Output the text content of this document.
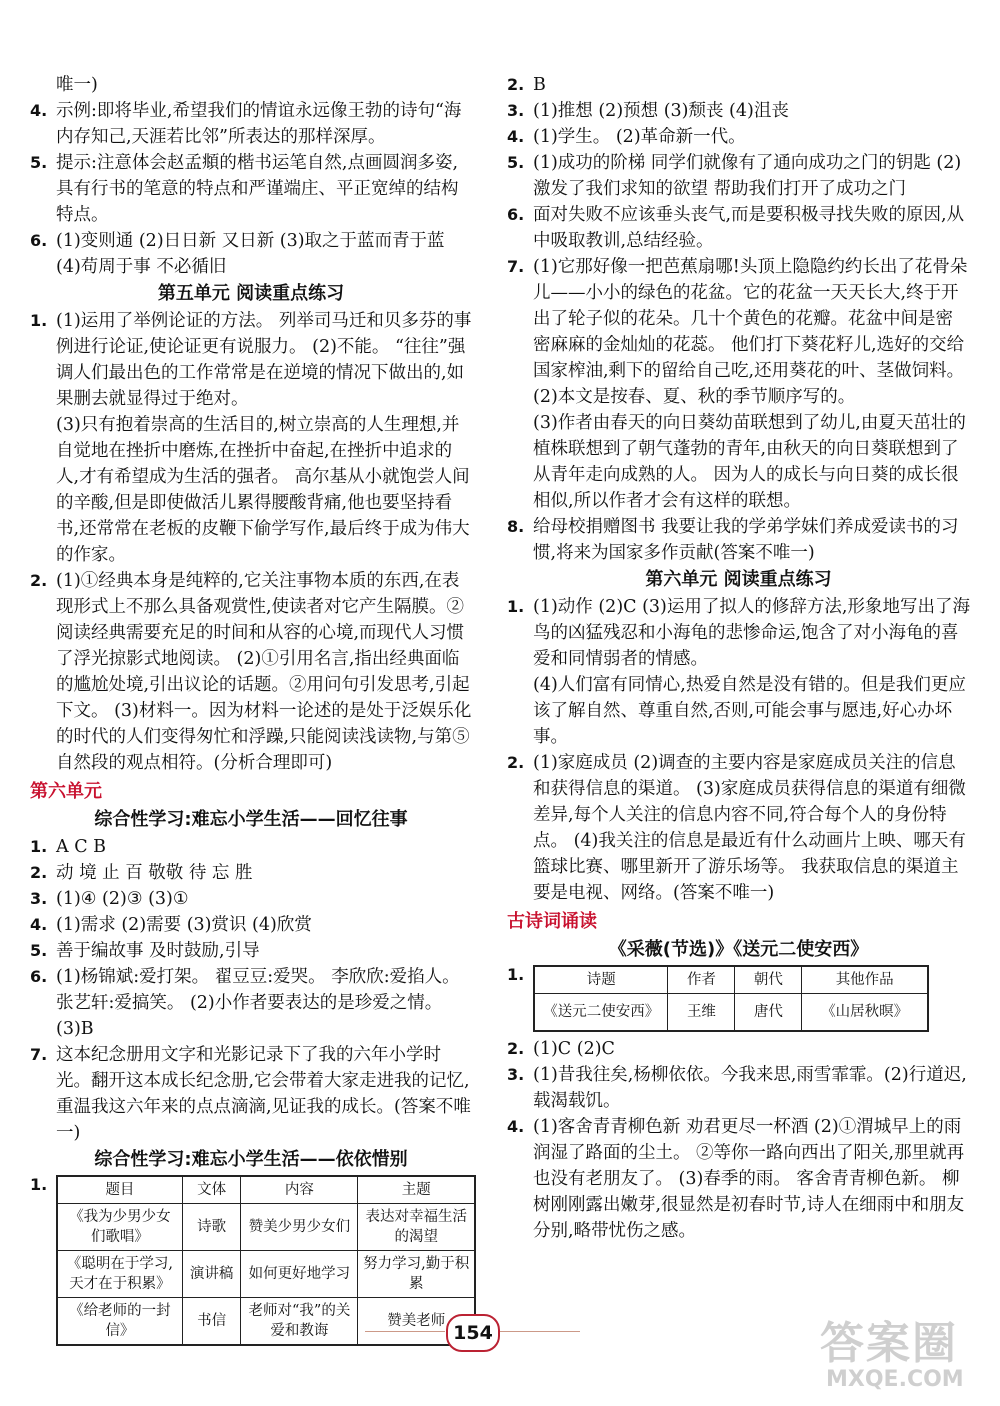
唯一)

4. 示例:即将毕业,希望我们的情谊永远像王勃的诗句“海内存知己,天涯若比邻”所表达的那样深厚。
5. 提示:注意体会赵孟頫的楷书运笔自然,点画圆润多姿,具有行书的笔意的特点和严谨端庄、平正宽绰的结构特点。
6. (1)变则通 (2)日日新 又日新 (3)取之于蓝而青于蓝 (4)苟周于事 不必循旧
第五单元 阅读重点练习
1. (1)运用了举例论证的方法。 列举司马迁和贝多芬的事例进行论证,使论证更有说服力。 (2)不能。 “往往”强调人们最出色的工作常常是在逆境的情况下做出的,如果删去就显得过于绝对。

(3)只有抱着崇高的生活目的,树立崇高的人生理想,并自觉地在挫折中磨炼,在挫折中奋起,在挫折中追求的人,才有希望成为生活的强者。 高尔基从小就饱尝人间的辛酸,但是即使做活儿累得腰酸背痛,他也要坚持看书,还常常在老板的皮鞭下偷学写作,最后终于成为伟大的作家。

2. (1)①经典本身是纯粹的,它关注事物本质的东西,在表现形式上不那么具备观赏性,使读者对它产生隔膜。②阅读经典需要充足的时间和从容的心境,而现代人习惯了浮光掠影式地阅读。 (2)①引用名言,指出经典面临的尴尬处境,引出议论的话题。②用问句引发思考,引起下文。 (3)材料一。因为材料一论述的是处于泛娱乐化的时代的人们变得匆忙和浮躁,只能阅读浅读物,与第⑤自然段的观点相符。(分析合理即可)
第六单元
综合性学习:难忘小学生活——回忆往事
1. A C B
2. 动 境 止 百 敬敬 待 忘 胜
3. (1)④ (2)③ (3)①
4. (1)需求 (2)需要 (3)赏识 (4)欣赏
5. 善于编故事 及时鼓励,引导
6. (1)杨锦斌:爱打架。 翟豆豆:爱哭。 李欣欣:爱掐人。 张艺轩:爱搞笑。 (2)小作者要表达的是珍爱之情。 (3)B
7. 这本纪念册用文字和光影记录下了我的六年小学时光。翻开这本成长纪念册,它会带着大家走进我的记忆,重温我这六年来的点点滴滴,见证我的成长。(答案不唯一)
综合性学习:难忘小学生活——依依惜别
1.	题目	文体	内容	主题
《我为少男少女们歌唱》	诗歌	赞美少男少女们	表达对幸福生活的渴望
《聪明在于学习,天才在于积累》	演讲稿	如何更好地学习	努力学习,勤于积累
《给老师的一封信》	书信	老师对“我”的关爱和教诲	赞美老师
2. B
3. (1)推想 (2)预想 (3)颓丧 (4)沮丧
4. (1)学生。 (2)革命新一代。
5. (1)成功的阶梯 同学们就像有了通向成功之门的钥匙 (2)激发了我们求知的欲望 帮助我们打开了成功之门
6. 面对失败不应该垂头丧气,而是要积极寻找失败的原因,从中吸取教训,总结经验。
7. (1)它那好像一把芭蕉扇哪!头顶上隐隐约约长出了花骨朵儿——小小的绿色的花盆。它的花盆一天天长大,终于开出了轮子似的花朵。几十个黄色的花瓣。花盆中间是密密麻麻的金灿灿的花蕊。 他们打下葵花籽儿,选好的交给国家榨油,剩下的留给自己吃,还用葵花的叶、茎做饲料。

(2)本文是按春、夏、秋的季节顺序写的。

(3)作者由春天的向日葵幼苗联想到了幼儿,由夏天茁壮的植株联想到了朝气蓬勃的青年,由秋天的向日葵联想到了从青年走向成熟的人。 因为人的成长与向日葵的成长很相似,所以作者才会有这样的联想。

8. 给母校捐赠图书 我要让我的学弟学妹们养成爱读书的习惯,将来为国家多作贡献(答案不唯一)
第六单元 阅读重点练习
1. (1)动作 (2)C (3)运用了拟人的修辞方法,形象地写出了海鸟的凶猛残忍和小海龟的悲惨命运,饱含了对小海龟的喜爱和同情弱者的情感。

(4)人们富有同情心,热爱自然是没有错的。但是我们更应该了解自然、尊重自然,否则,可能会事与愿违,好心办坏事。

2. (1)家庭成员 (2)调查的主要内容是家庭成员关注的信息和获得信息的渠道。 (3)家庭成员获得信息的渠道有细微差异,每个人关注的信息内容不同,符合每个人的身份特点。 (4)我关注的信息是最近有什么动画片上映、哪天有篮球比赛、哪里新开了游乐场等。 我获取信息的渠道主要是电视、网络。(答案不唯一)
古诗词诵读
《采薇(节选)》《送元二使安西》
1.	诗题	作者	朝代	其他作品
《送元二使安西》	王维	唐代	《山居秋暝》
2. (1)C (2)C
3. (1)昔我往矣,杨柳依依。今我来思,雨雪霏霏。(2)行道迟,载渴载饥。
4. (1)客舍青青柳色新 劝君更尽一杯酒 (2)①渭城早上的雨润湿了路面的尘土。 ②等你一路向西出了阳关,那里就再也没有老朋友了。 (3)春季的雨。 客舍青青柳色新。 柳树刚刚露出嫩芽,很显然是初春时节,诗人在细雨中和朋友分别,略带忧伤之感。
154	答案圈
MXQE.COM
